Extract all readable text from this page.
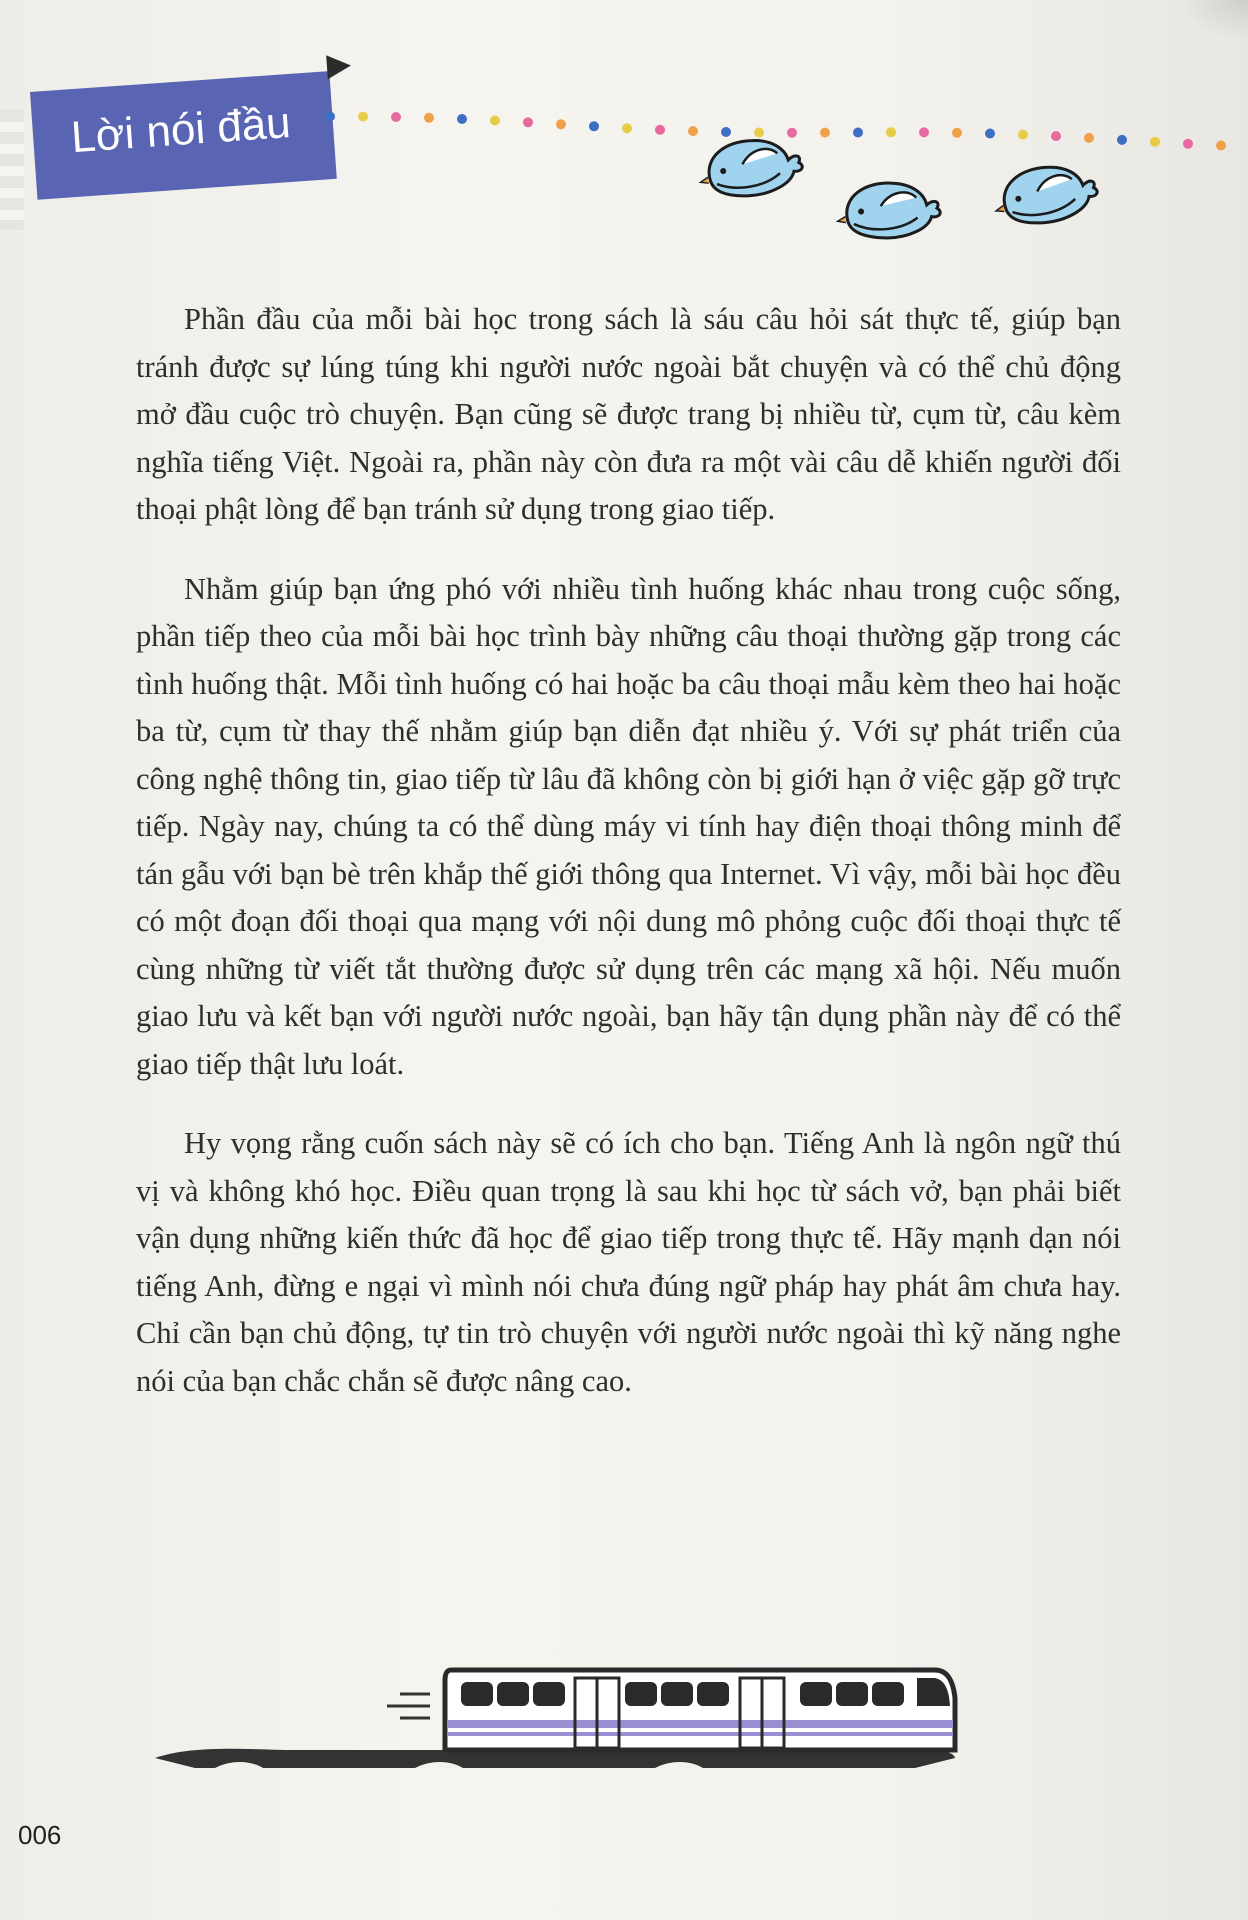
Lời nói đầu

Phần đầu của mỗi bài học trong sách là sáu câu hỏi sát thực tế, giúp bạn tránh được sự lúng túng khi người nước ngoài bắt chuyện và có thể chủ động mở đầu cuộc trò chuyện. Bạn cũng sẽ được trang bị nhiều từ, cụm từ, câu kèm nghĩa tiếng Việt. Ngoài ra, phần này còn đưa ra một vài câu dễ khiến người đối thoại phật lòng để bạn tránh sử dụng trong giao tiếp.

Nhằm giúp bạn ứng phó với nhiều tình huống khác nhau trong cuộc sống, phần tiếp theo của mỗi bài học trình bày những câu thoại thường gặp trong các tình huống thật. Mỗi tình huống có hai hoặc ba câu thoại mẫu kèm theo hai hoặc ba từ, cụm từ thay thế nhằm giúp bạn diễn đạt nhiều ý. Với sự phát triển của công nghệ thông tin, giao tiếp từ lâu đã không còn bị giới hạn ở việc gặp gỡ trực tiếp. Ngày nay, chúng ta có thể dùng máy vi tính hay điện thoại thông minh để tán gẫu với bạn bè trên khắp thế giới thông qua Internet. Vì vậy, mỗi bài học đều có một đoạn đối thoại qua mạng với nội dung mô phỏng cuộc đối thoại thực tế cùng những từ viết tắt thường được sử dụng trên các mạng xã hội. Nếu muốn giao lưu và kết bạn với người nước ngoài, bạn hãy tận dụng phần này để có thể giao tiếp thật lưu loát.

Hy vọng rằng cuốn sách này sẽ có ích cho bạn. Tiếng Anh là ngôn ngữ thú vị và không khó học. Điều quan trọng là sau khi học từ sách vở, bạn phải biết vận dụng những kiến thức đã học để giao tiếp trong thực tế. Hãy mạnh dạn nói tiếng Anh, đừng e ngại vì mình nói chưa đúng ngữ pháp hay phát âm chưa hay. Chỉ cần bạn chủ động, tự tin trò chuyện với người nước ngoài thì kỹ năng nghe nói của bạn chắc chắn sẽ được nâng cao.

006
